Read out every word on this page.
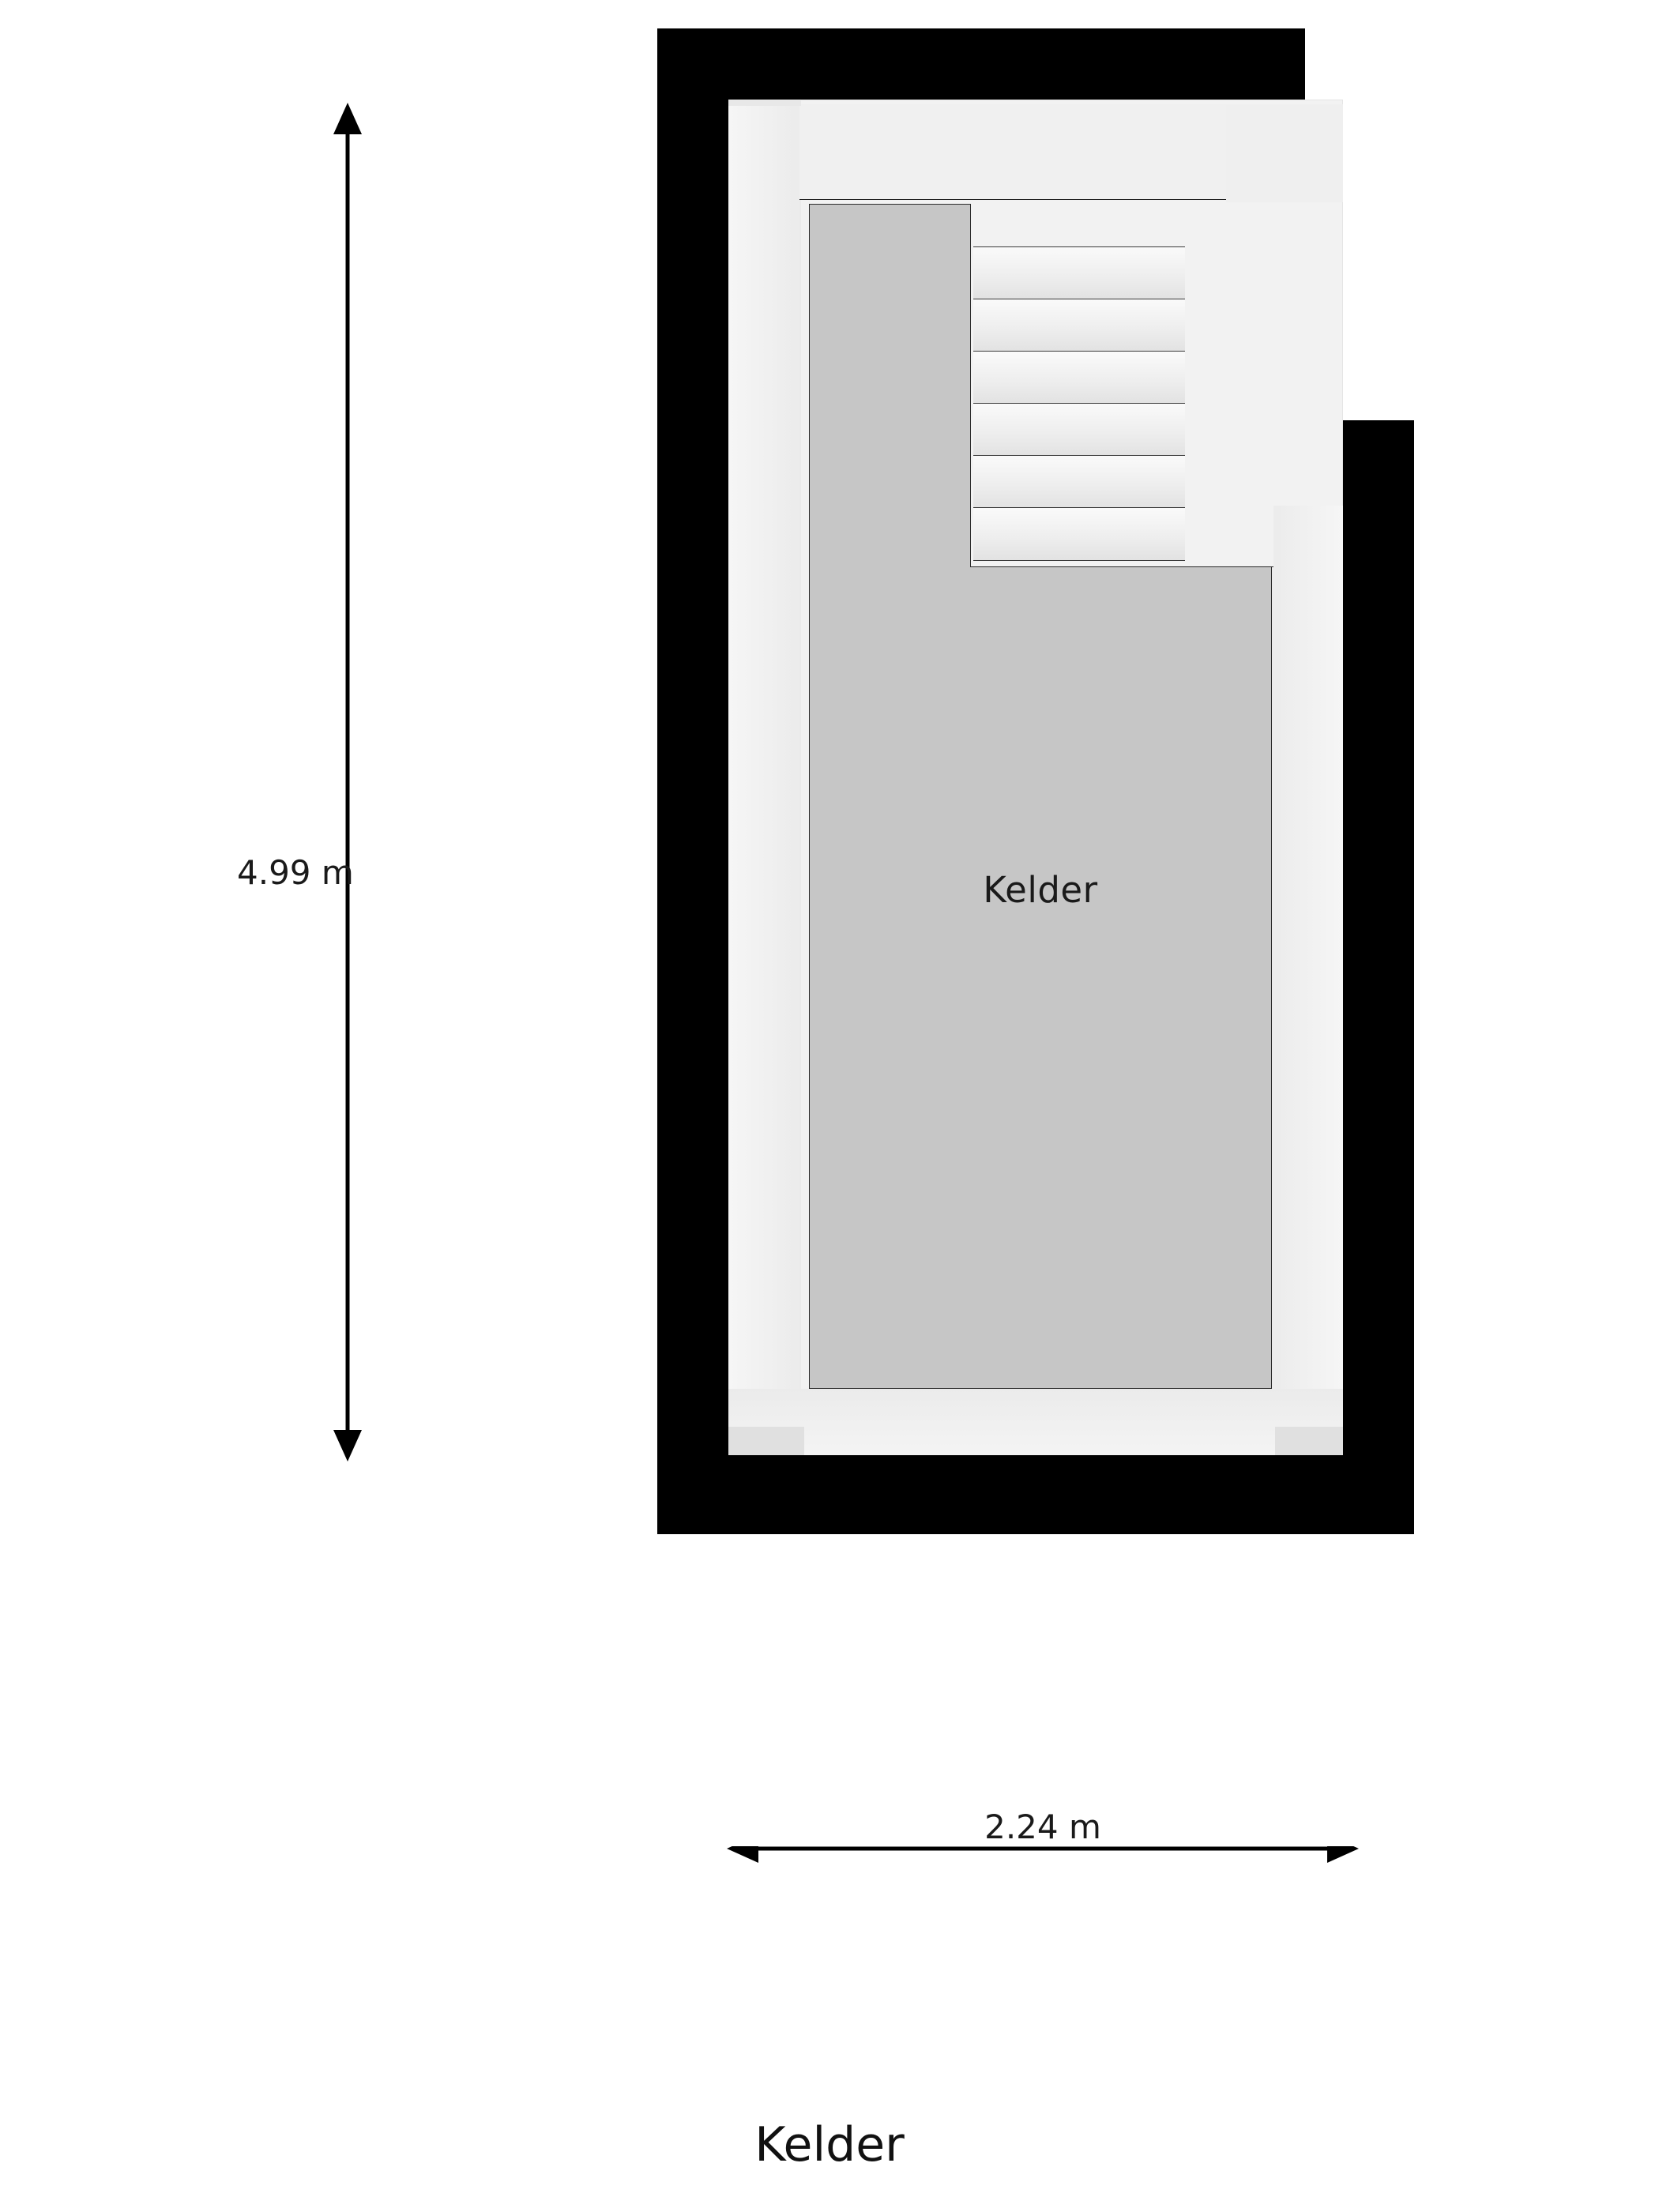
Kelder
4.99 m
2.24 m
Kelder
